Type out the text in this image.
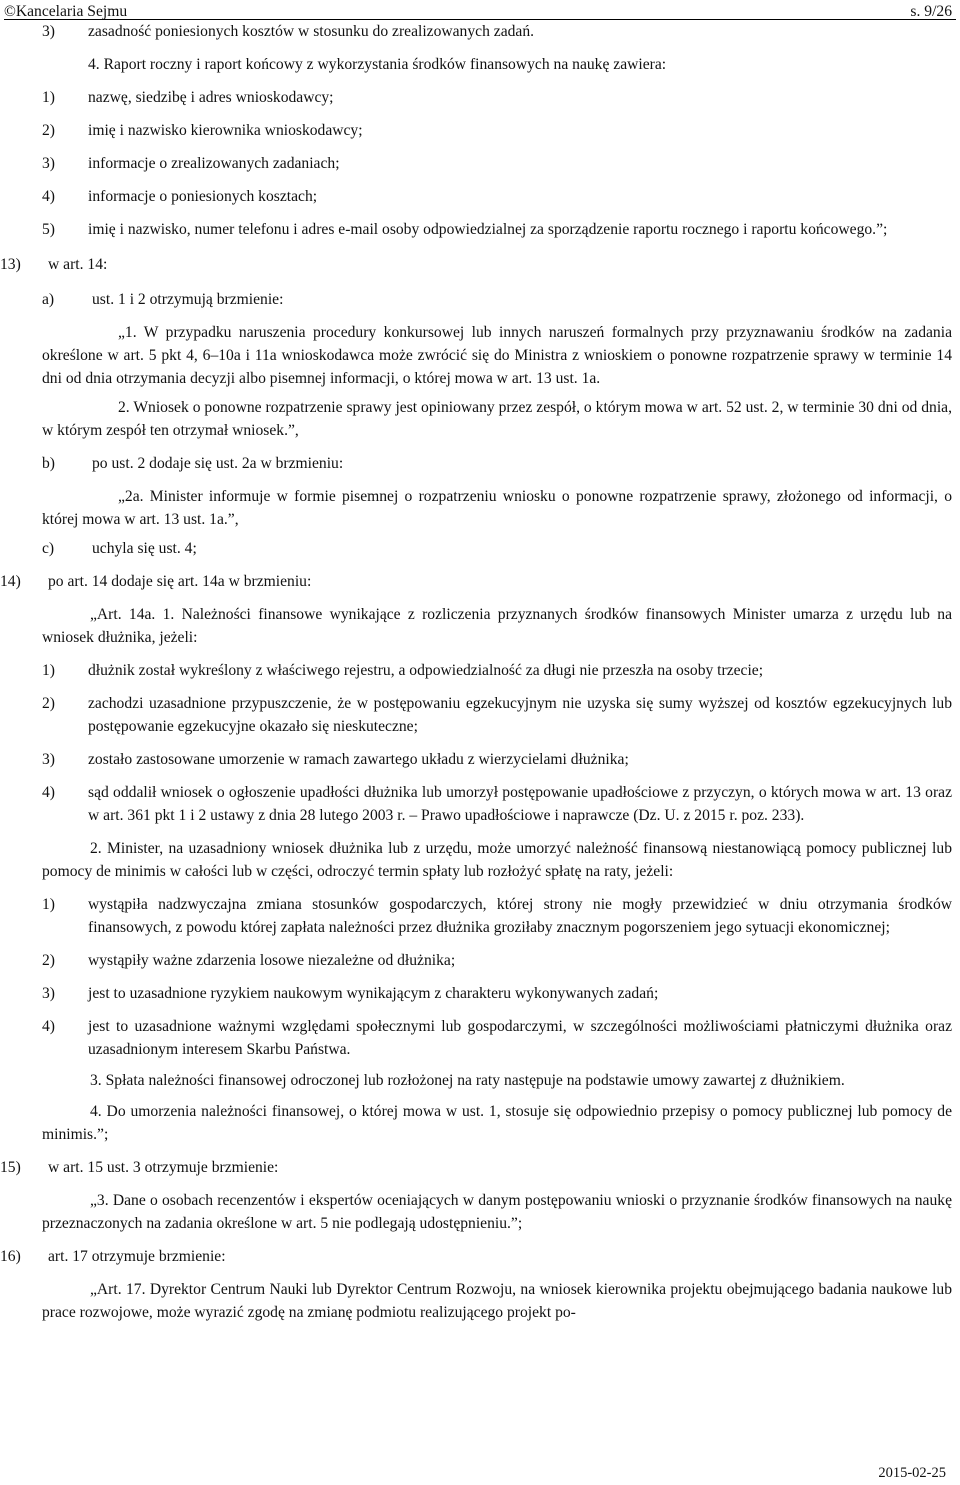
©Kancelaria Sejmu	s. 9/26
3)	zasadność poniesionych kosztów w stosunku do zrealizowanych zadań.

4. Raport roczny i raport końcowy z wykorzystania środków finansowych na naukę zawiera:

1)	nazwę, siedzibę i adres wnioskodawcy;
2)	imię i nazwisko kierownika wnioskodawcy;
3)	informacje o zrealizowanych zadaniach;
4)	informacje o poniesionych kosztach;
5)	imię i nazwisko, numer telefonu i adres e-mail osoby odpowiedzialnej za sporządzenie raportu rocznego i raportu końcowego.”;
13)	w art. 14:
a)	ust. 1 i 2 otrzymują brzmienie:

„1. W przypadku naruszenia procedury konkursowej lub innych naruszeń formalnych przy przyznawaniu środków na zadania określone w art. 5 pkt 4, 6–10a i 11a wnioskodawca może zwrócić się do Ministra z wnioskiem o ponowne rozpatrzenie sprawy w terminie 14 dni od dnia otrzymania decyzji albo pisemnej informacji, o której mowa w art. 13 ust. 1a.

2. Wniosek o ponowne rozpatrzenie sprawy jest opiniowany przez zespół, o którym mowa w art. 52 ust. 2, w terminie 30 dni od dnia, w którym zespół ten otrzymał wniosek.”,

b)	po ust. 2 dodaje się ust. 2a w brzmieniu:

„2a. Minister informuje w formie pisemnej o rozpatrzeniu wniosku o ponowne rozpatrzenie sprawy, złożonego od informacji, o której mowa w art. 13 ust. 1a.”,

c)	uchyla się ust. 4;
14)	po art. 14 dodaje się art. 14a w brzmieniu:

„Art. 14a. 1. Należności finansowe wynikające z rozliczenia przyznanych środków finansowych Minister umarza z urzędu lub na wniosek dłużnika, jeżeli:

1)	dłużnik został wykreślony z właściwego rejestru, a odpowiedzialność za długi nie przeszła na osoby trzecie;
2)	zachodzi uzasadnione przypuszczenie, że w postępowaniu egzekucyjnym nie uzyska się sumy wyższej od kosztów egzekucyjnych lub postępowanie egzekucyjne okazało się nieskuteczne;
3)	zostało zastosowane umorzenie w ramach zawartego układu z wierzycielami dłużnika;
4)	sąd oddalił wniosek o ogłoszenie upadłości dłużnika lub umorzył postępowanie upadłościowe z przyczyn, o których mowa w art. 13 oraz w art. 361 pkt 1 i 2 ustawy z dnia 28 lutego 2003 r. – Prawo upadłościowe i naprawcze (Dz. U. z 2015 r. poz. 233).

2. Minister, na uzasadniony wniosek dłużnika lub z urzędu, może umorzyć należność finansową niestanowiącą pomocy publicznej lub pomocy de minimis w całości lub w części, odroczyć termin spłaty lub rozłożyć spłatę na raty, jeżeli:

1)	wystąpiła nadzwyczajna zmiana stosunków gospodarczych, której strony nie mogły przewidzieć w dniu otrzymania środków finansowych, z powodu której zapłata należności przez dłużnika groziłaby znacznym pogorszeniem jego sytuacji ekonomicznej;
2)	wystąpiły ważne zdarzenia losowe niezależne od dłużnika;
3)	jest to uzasadnione ryzykiem naukowym wynikającym z charakteru wykonywanych zadań;
4)	jest to uzasadnione ważnymi względami społecznymi lub gospodarczymi, w szczególności możliwościami płatniczymi dłużnika oraz uzasadnionym interesem Skarbu Państwa.

3. Spłata należności finansowej odroczonej lub rozłożonej na raty następuje na podstawie umowy zawartej z dłużnikiem.

4. Do umorzenia należności finansowej, o której mowa w ust. 1, stosuje się odpowiednio przepisy o pomocy publicznej lub pomocy de minimis.”;

15)	w art. 15 ust. 3 otrzymuje brzmienie:

„3. Dane o osobach recenzentów i ekspertów oceniających w danym postępowaniu wnioski o przyznanie środków finansowych na naukę przeznaczonych na zadania określone w art. 5 nie podlegają udostępnieniu.”;

16)	art. 17 otrzymuje brzmienie:

„Art. 17. Dyrektor Centrum Nauki lub Dyrektor Centrum Rozwoju, na wniosek kierownika projektu obejmującego badania naukowe lub prace rozwojowe, może wyrazić zgodę na zmianę podmiotu realizującego projekt po-

2015-02-25
